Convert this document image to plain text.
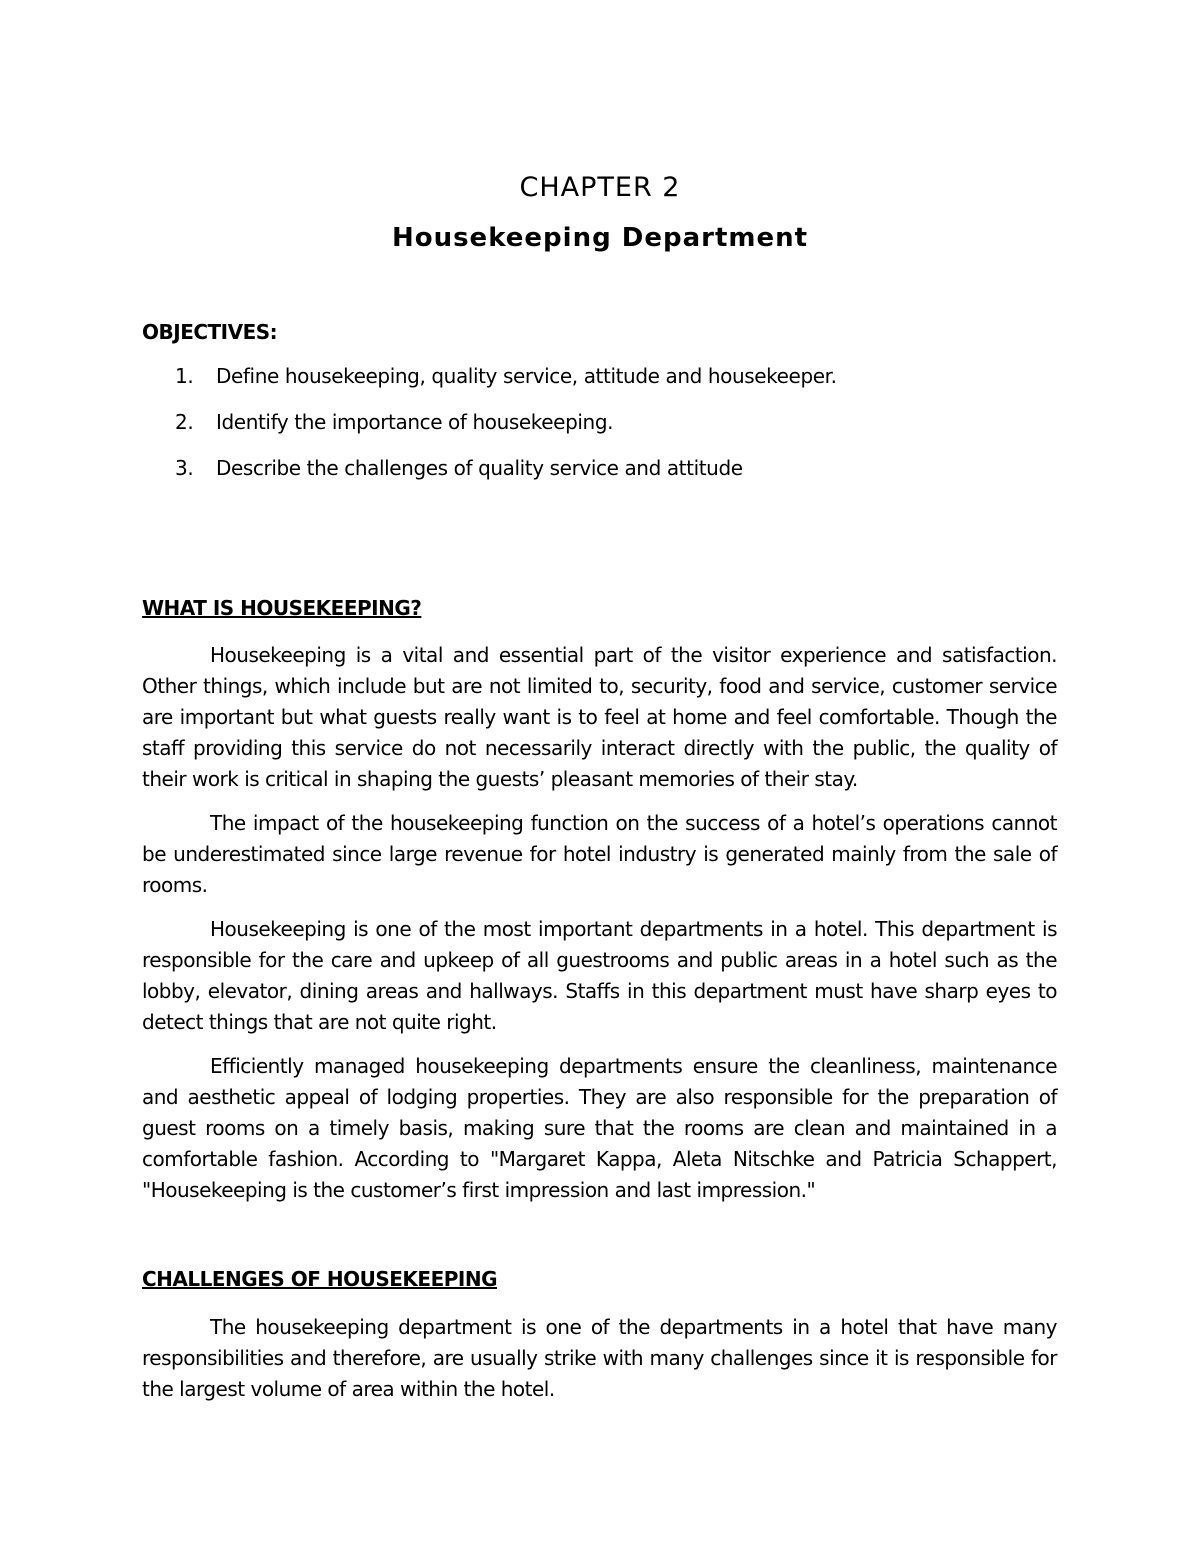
CHAPTER 2
Housekeeping Department
OBJECTIVES:
1. Define housekeeping, quality service, attitude and housekeeper.
2. Identify the importance of housekeeping.
3. Describe the challenges of quality service and attitude
WHAT IS HOUSEKEEPING?

Housekeeping is a vital and essential part of the visitor experience and satisfaction. Other things, which include but are not limited to, security, food and service, customer service are important but what guests really want is to feel at home and feel comfortable. Though the staff providing this service do not necessarily interact directly with the public, the quality of their work is critical in shaping the guests’ pleasant memories of their stay.

The impact of the housekeeping function on the success of a hotel’s operations cannot be underestimated since large revenue for hotel industry is generated mainly from the sale of rooms.

Housekeeping is one of the most important departments in a hotel. This department is responsible for the care and upkeep of all guestrooms and public areas in a hotel such as the lobby, elevator, dining areas and hallways. Staffs in this department must have sharp eyes to detect things that are not quite right.

Efficiently managed housekeeping departments ensure the cleanliness, maintenance and aesthetic appeal of lodging properties. They are also responsible for the preparation of guest rooms on a timely basis, making sure that the rooms are clean and maintained in a comfortable fashion. According to "Margaret Kappa, Aleta Nitschke and Patricia Schappert, "Housekeeping is the customer’s first impression and last impression."

CHALLENGES OF HOUSEKEEPING

The housekeeping department is one of the departments in a hotel that have many responsibilities and therefore, are usually strike with many challenges since it is responsible for the largest volume of area within the hotel.
